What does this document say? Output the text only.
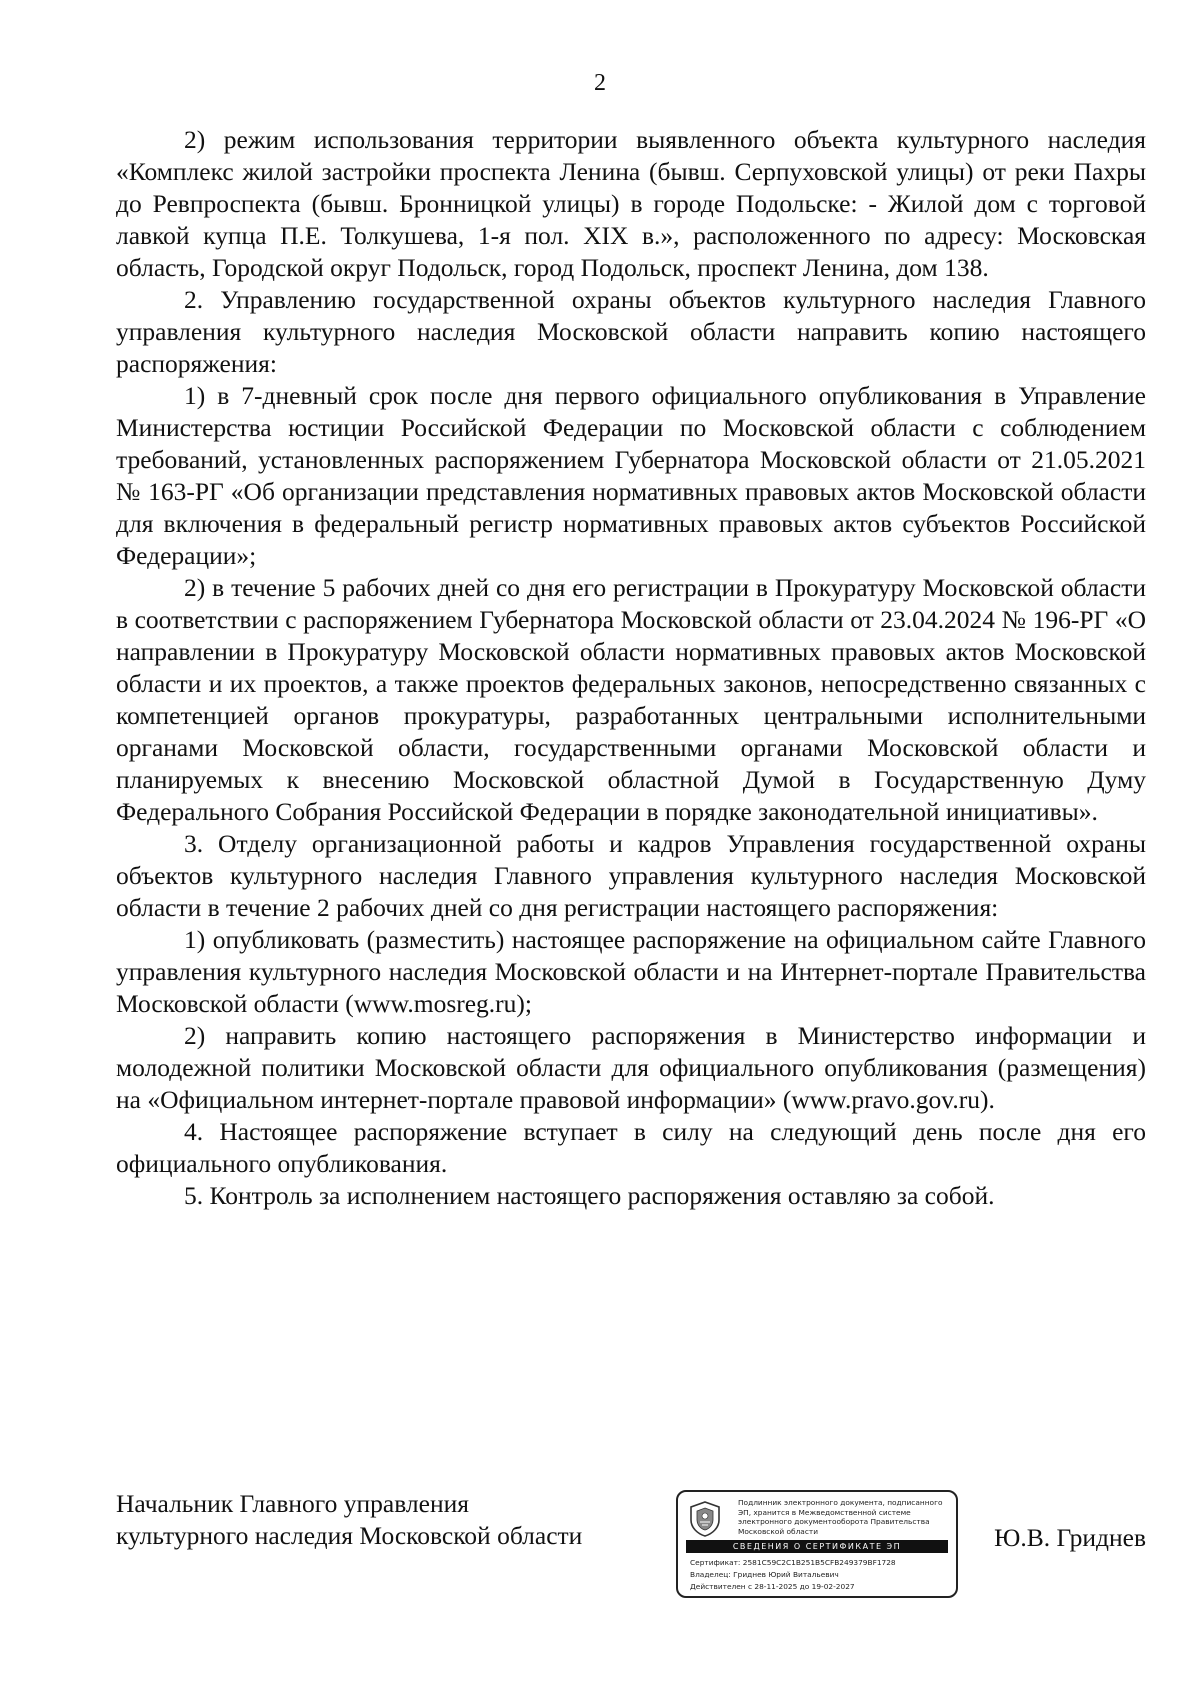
2

2) режим использования территории выявленного объекта культурного наследия «Комплекс жилой застройки проспекта Ленина (бывш. Серпуховской улицы) от реки Пахры до Ревпроспекта (бывш. Бронницкой улицы) в городе Подольске: - Жилой дом с торговой лавкой купца П.Е. Толкушева, 1-я пол. XIX в.», расположенного по адресу: Московская область, Городской округ Подольск, город Подольск, проспект Ленина, дом 138.

2. Управлению государственной охраны объектов культурного наследия Главного управления культурного наследия Московской области направить копию настоящего распоряжения:

1) в 7-дневный срок после дня первого официального опубликования в Управление Министерства юстиции Российской Федерации по Московской области с соблюдением требований, установленных распоряжением Губернатора Московской области от 21.05.2021 № 163-РГ «Об организации представления нормативных правовых актов Московской области для включения в федеральный регистр нормативных правовых актов субъектов Российской Федерации»;

2) в течение 5 рабочих дней со дня его регистрации в Прокуратуру Московской области в соответствии с распоряжением Губернатора Московской области от 23.04.2024 № 196-РГ «О направлении в Прокуратуру Московской области нормативных правовых актов Московской области и их проектов, а также проектов федеральных законов, непосредственно связанных с компетенцией органов прокуратуры, разработанных центральными исполнительными органами Московской области, государственными органами Московской области и планируемых к внесению Московской областной Думой в Государственную Думу Федерального Собрания Российской Федерации в порядке законодательной инициативы».

3. Отделу организационной работы и кадров Управления государственной охраны объектов культурного наследия Главного управления культурного наследия Московской области в течение 2 рабочих дней со дня регистрации настоящего распоряжения:

1) опубликовать (разместить) настоящее распоряжение на официальном сайте Главного управления культурного наследия Московской области и на Интернет-портале Правительства Московской области (www.mosreg.ru);

2) направить копию настоящего распоряжения в Министерство информации и молодежной политики Московской области для официального опубликования (размещения) на «Официальном интернет-портале правовой информации» (www.pravo.gov.ru).

4. Настоящее распоряжение вступает в силу на следующий день после дня его официального опубликования.

5. Контроль за исполнением настоящего распоряжения оставляю за собой.

Начальник Главного управления
культурного наследия Московской области
Подлинник электронного документа, подписанного ЭП, хранится в Межведомственной системе электронного документооборота Правительства Московской области
СВЕДЕНИЯ О СЕРТИФИКАТЕ ЭП
Сертификат: 2581C59C2C1B251B5CFB249379BF1728
Владелец: Гриднев Юрий Витальевич
Действителен с 28-11-2025 до 19-02-2027
Ю.В. Гриднев
